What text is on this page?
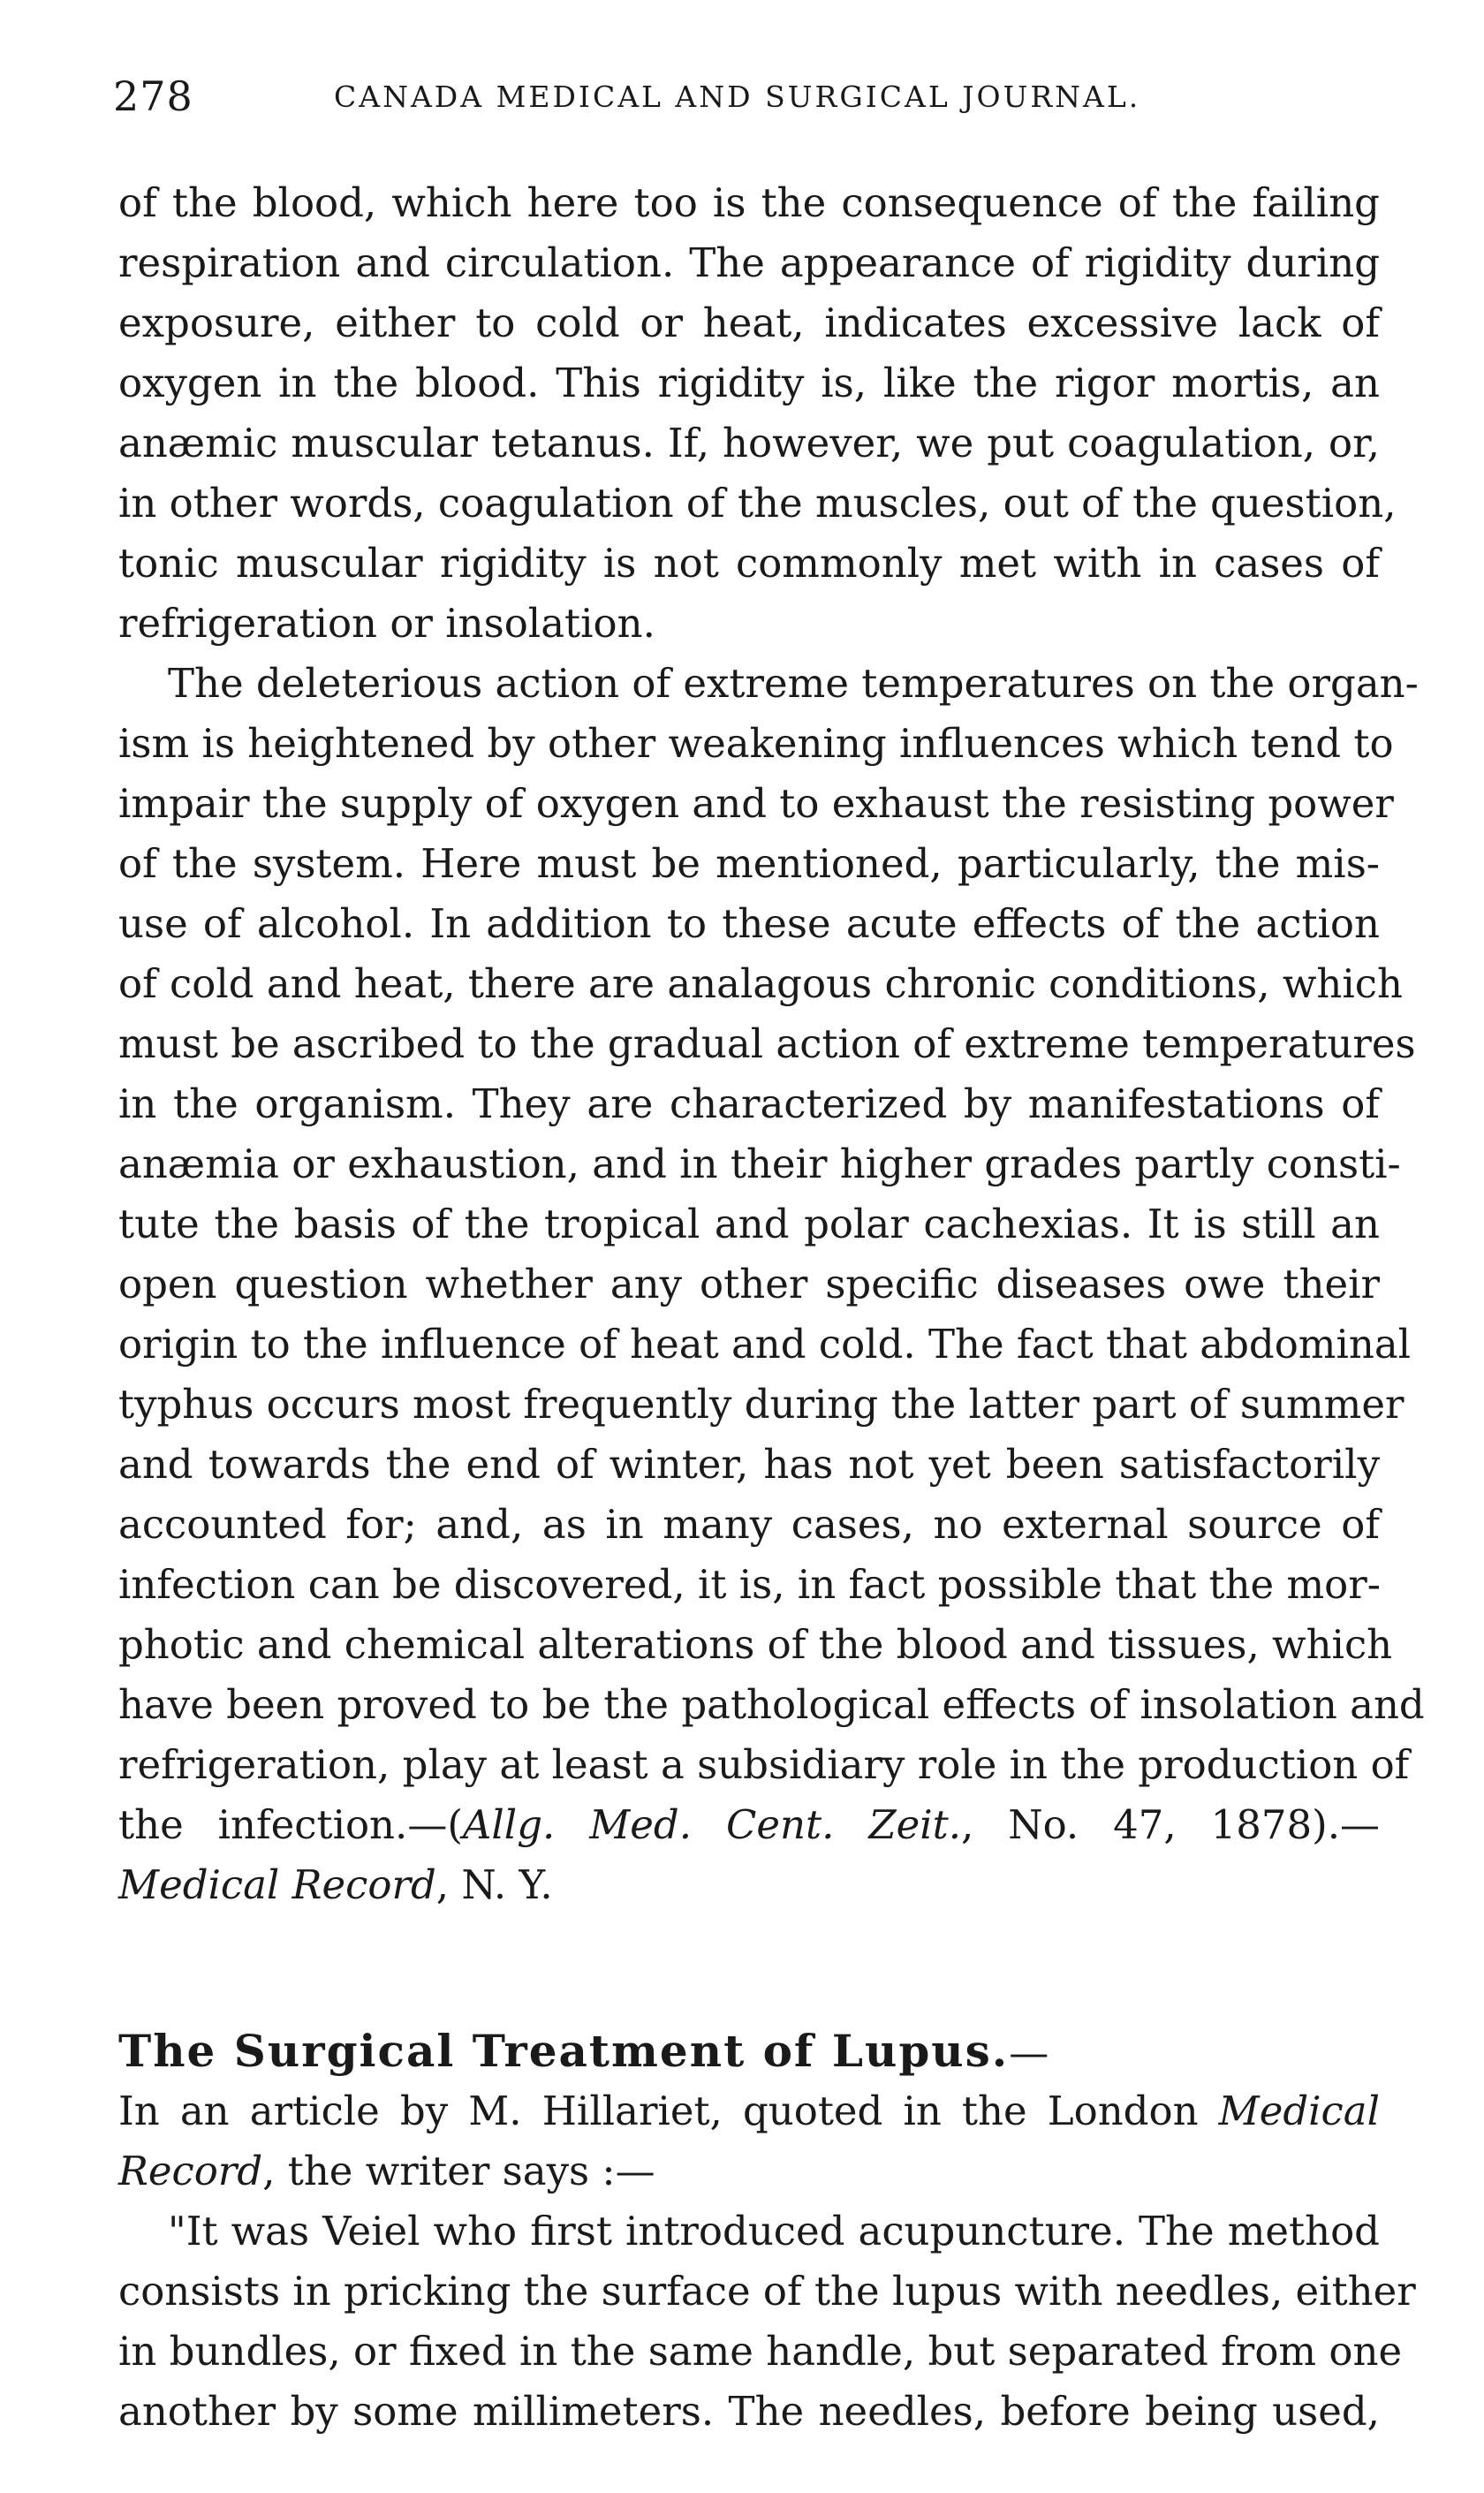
278	CANADA MEDICAL AND SURGICAL JOURNAL.
of the blood, which here too is the consequence of the failing
respiration and circulation. The appearance of rigidity during
exposure, either to cold or heat, indicates excessive lack of
oxygen in the blood. This rigidity is, like the rigor mortis, an
anæmic muscular tetanus. If, however, we put coagulation, or,
in other words, coagulation of the muscles, out of the question,
tonic muscular rigidity is not commonly met with in cases of
refrigeration or insolation.
The deleterious action of extreme temperatures on the organ-
ism is heightened by other weakening influences which tend to
impair the supply of oxygen and to exhaust the resisting power
of the system. Here must be mentioned, particularly, the mis-
use of alcohol. In addition to these acute effects of the action
of cold and heat, there are analagous chronic conditions, which
must be ascribed to the gradual action of extreme temperatures
in the organism. They are characterized by manifestations of
anæmia or exhaustion, and in their higher grades partly consti-
tute the basis of the tropical and polar cachexias. It is still an
open question whether any other specific diseases owe their
origin to the influence of heat and cold. The fact that abdominal
typhus occurs most frequently during the latter part of summer
and towards the end of winter, has not yet been satisfactorily
accounted for; and, as in many cases, no external source of
infection can be discovered, it is, in fact possible that the mor-
photic and chemical alterations of the blood and tissues, which
have been proved to be the pathological effects of insolation and
refrigeration, play at least a subsidiary role in the production of
the infection.—(Allg. Med. Cent. Zeit., No. 47, 1878).—
Medical Record, N. Y.
The Surgical Treatment of Lupus.—
In an article by M. Hillariet, quoted in the London Medical
Record, the writer says :—
"It was Veiel who first introduced acupuncture. The method
consists in pricking the surface of the lupus with needles, either
in bundles, or fixed in the same handle, but separated from one
another by some millimeters. The needles, before being used,
